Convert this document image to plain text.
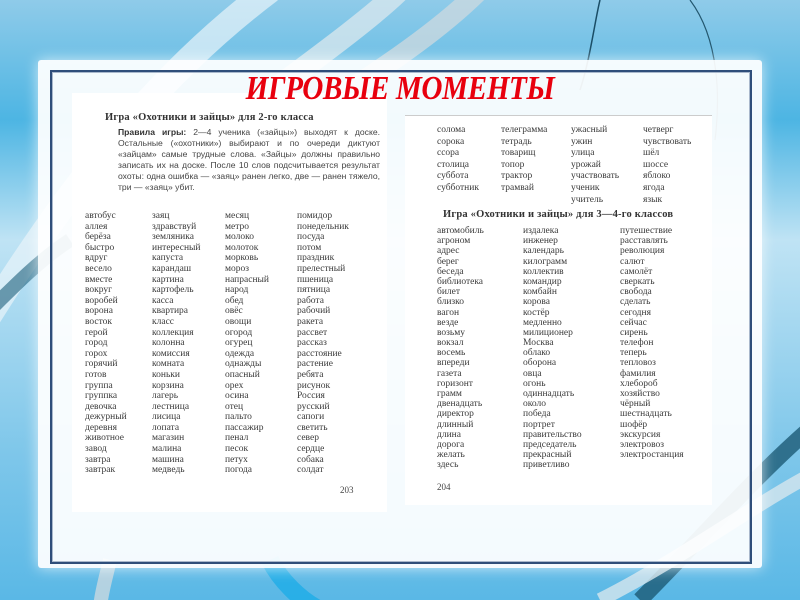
Игра «Охотники и зайцы» для 2-го класса
Правила игры: 2—4 ученика («зайцы») выходят к доске. Остальные («охотники») выбирают и по очереди диктуют «зайцам» самые трудные слова. «Зайцы» должны правильно записать их на доске. После 10 слов подсчитывается результат охоты: одна ошибка — «заяц» ранен легко, две — ранен тяжело, три — «заяц» убит.
автобус
аллея
берёза
быстро
вдруг
весело
вместе
вокруг
воробей
ворона
восток
герой
город
горох
горячий
готов
группа
группка
девочка
дежурный
деревня
животное
завод
завтра
завтрак
заяц
здравствуй
земляника
интересный
капуста
карандаш
картина
картофель
касса
квартира
класс
коллекция
колонна
комиссия
комната
коньки
корзина
лагерь
лестница
лисица
лопата
магазин
малина
машина
медведь
месяц
метро
молоко
молоток
морковь
мороз
напрасный
народ
обед
овёс
овощи
огород
огурец
одежда
однажды
опасный
орех
осина
отец
пальто
пассажир
пенал
песок
петух
погода
помидор
понедельник
посуда
потом
праздник
прелестный
пшеница
пятница
работа
рабочий
ракета
рассвет
рассказ
расстояние
растение
ребята
рисунок
Россия
русский
сапоги
светить
север
сердце
собака
солдат
203
солома
сорока
ссора
столица
суббота
субботник
телеграмма
тетрадь
товарищ
топор
трактор
трамвай
ужасный
ужин
улица
урожай
участвовать
ученик
учитель
четверг
чувствовать
шёл
шоссе
яблоко
ягода
язык
Игра «Охотники и зайцы» для 3—4-го классов
автомобиль
агроном
адрес
берег
беседа
библиотека
билет
близко
вагон
везде
возьму
вокзал
восемь
впереди
газета
горизонт
грамм
двенадцать
директор
длинный
длина
дорога
желать
здесь
издалека
инженер
календарь
килограмм
коллектив
командир
комбайн
корова
костёр
медленно
милиционер
Москва
облако
оборона
овца
огонь
одиннадцать
около
победа
портрет
правительство
председатель
прекрасный
приветливо
путешествие
расставлять
революция
салют
самолёт
сверкать
свобода
сделать
сегодня
сейчас
сирень
телефон
теперь
тепловоз
фамилия
хлебороб
хозяйство
чёрный
шестнадцать
шофёр
экскурсия
электровоз
электростанция
204
ИГРОВЫЕ МОМЕНТЫ
